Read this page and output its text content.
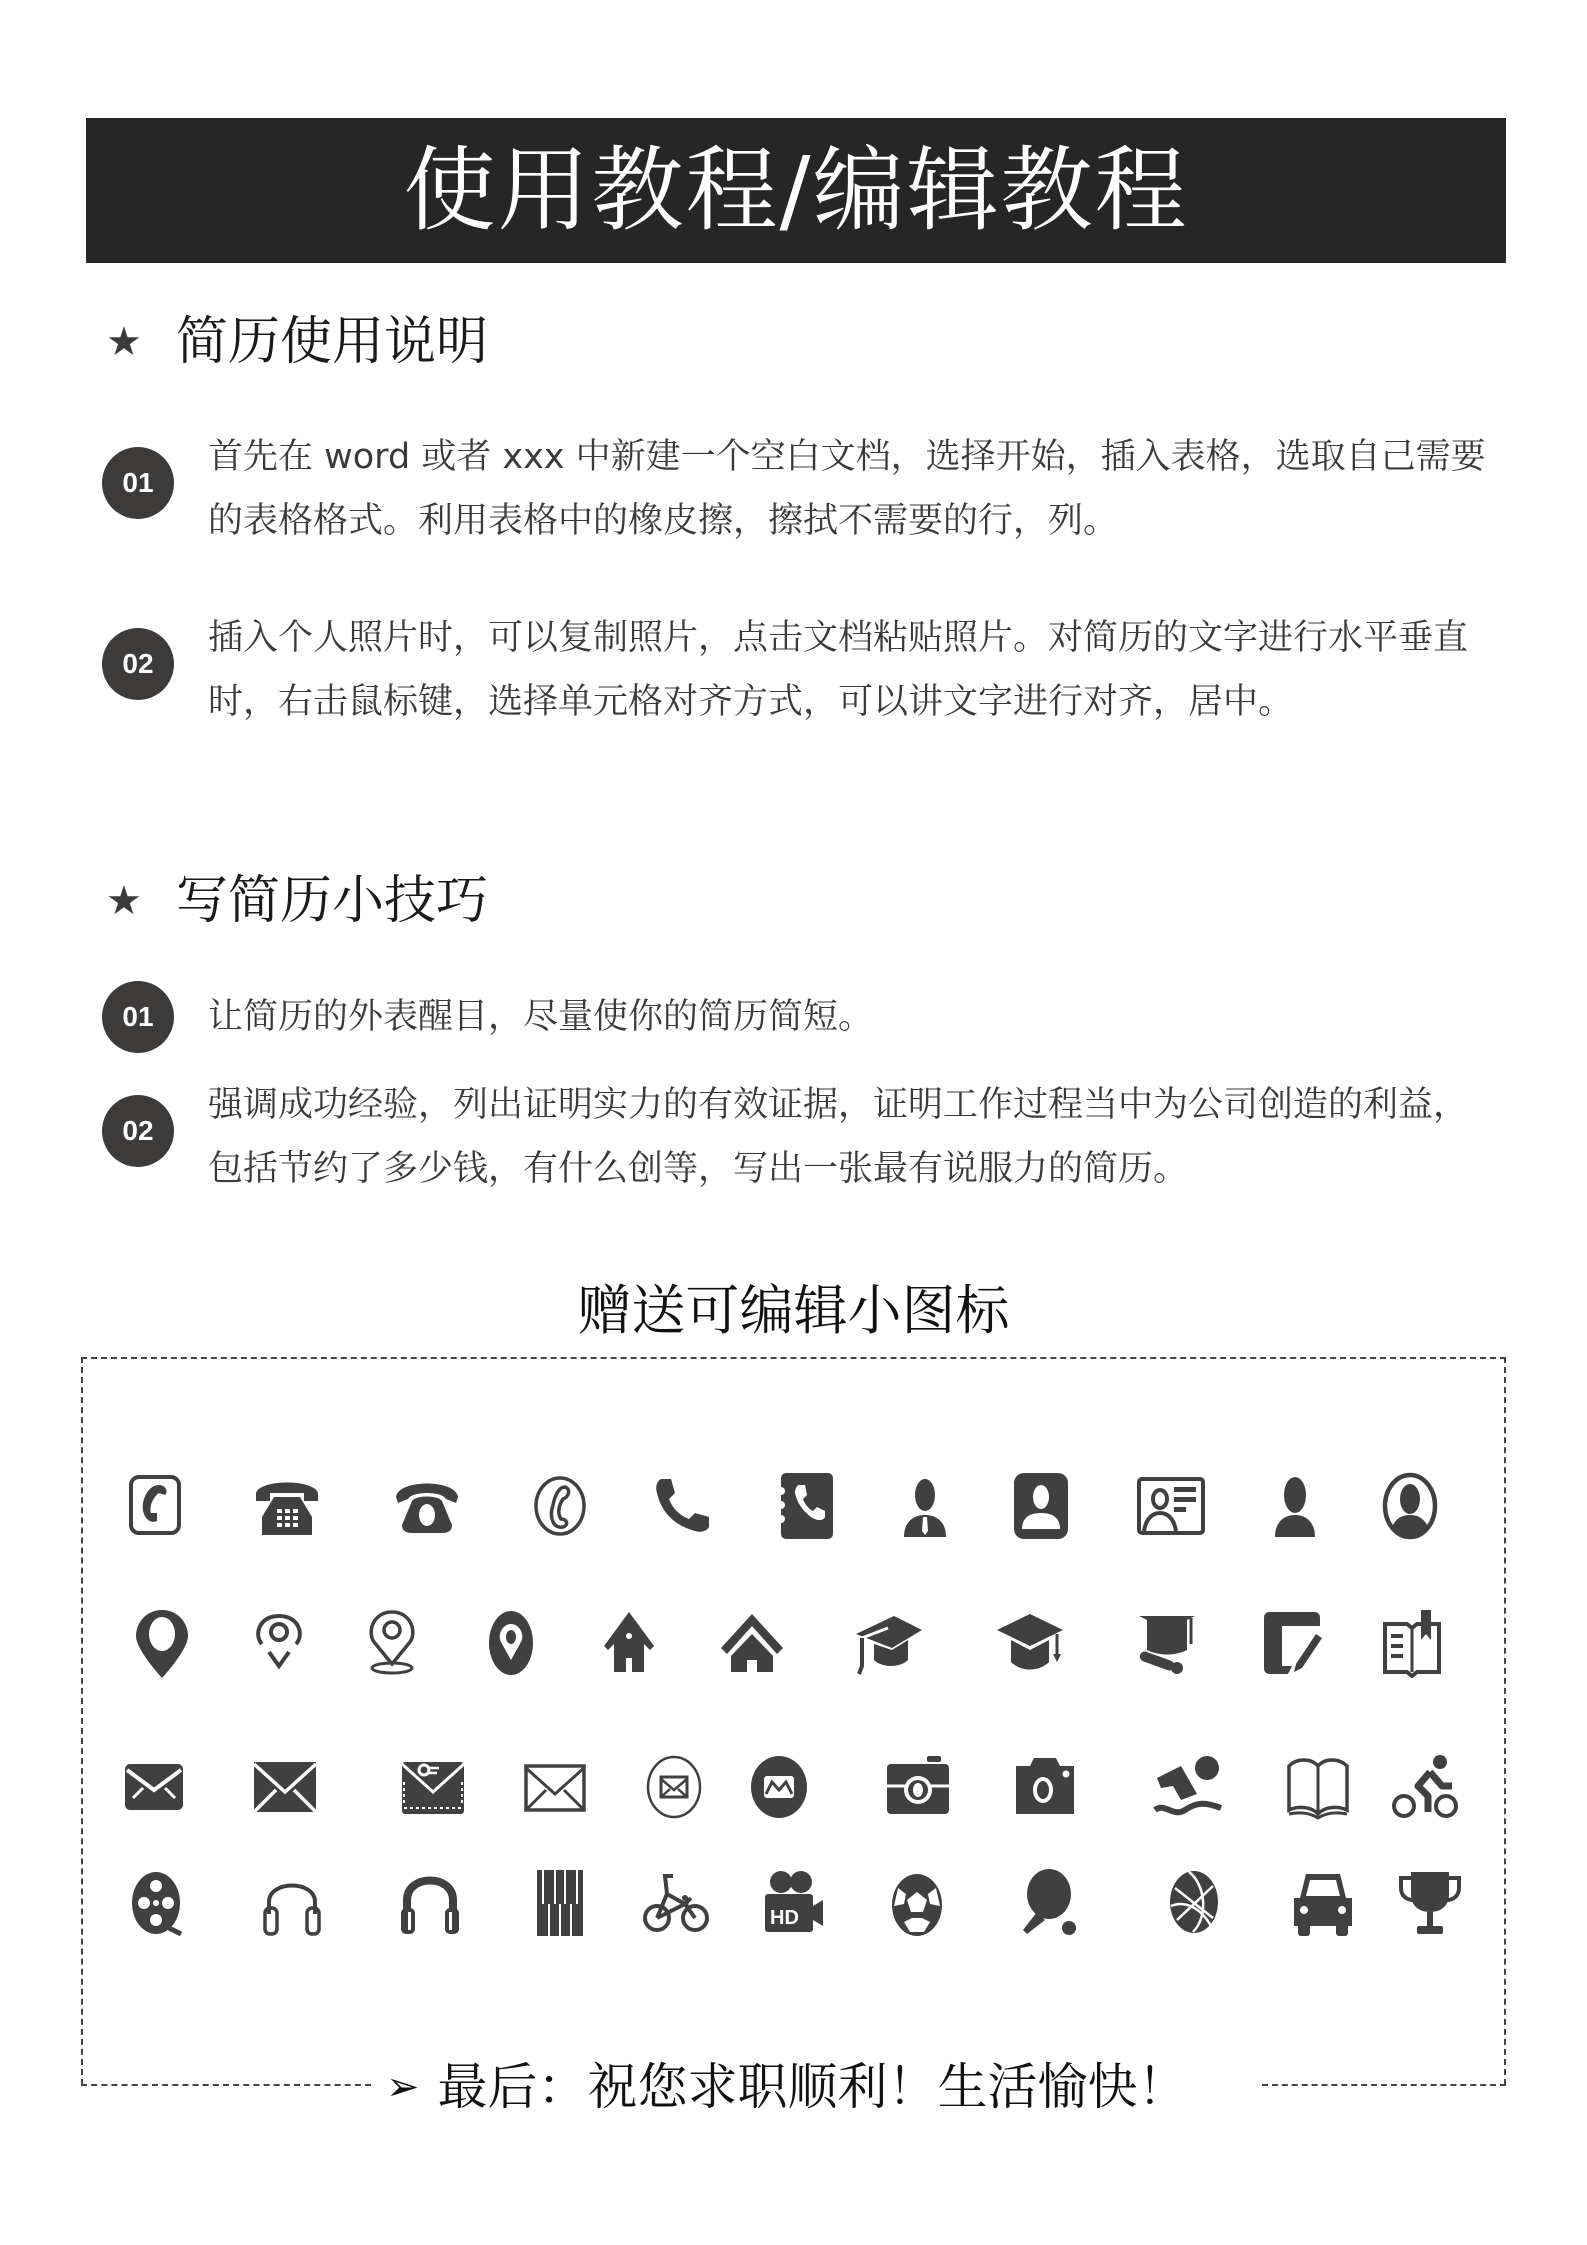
使用教程/编辑教程
★ 简历使用说明
01
首先在 word 或者 xxx 中新建一个空白文档，选择开始，插入表格，选取自己需要的表格格式。利用表格中的橡皮擦，擦拭不需要的行，列。
02
插入个人照片时，可以复制照片，点击文档粘贴照片。对简历的文字进行水平垂直时，右击鼠标键，选择单元格对齐方式，可以讲文字进行对齐，居中。
★ 写简历小技巧
01	让简历的外表醒目，尽量使你的简历简短。
02
强调成功经验，列出证明实力的有效证据，证明工作过程当中为公司创造的利益，包括节约了多少钱，有什么创等，写出一张最有说服力的简历。
赠送可编辑小图标
HD
➢ 最后：祝您求职顺利！生活愉快！
